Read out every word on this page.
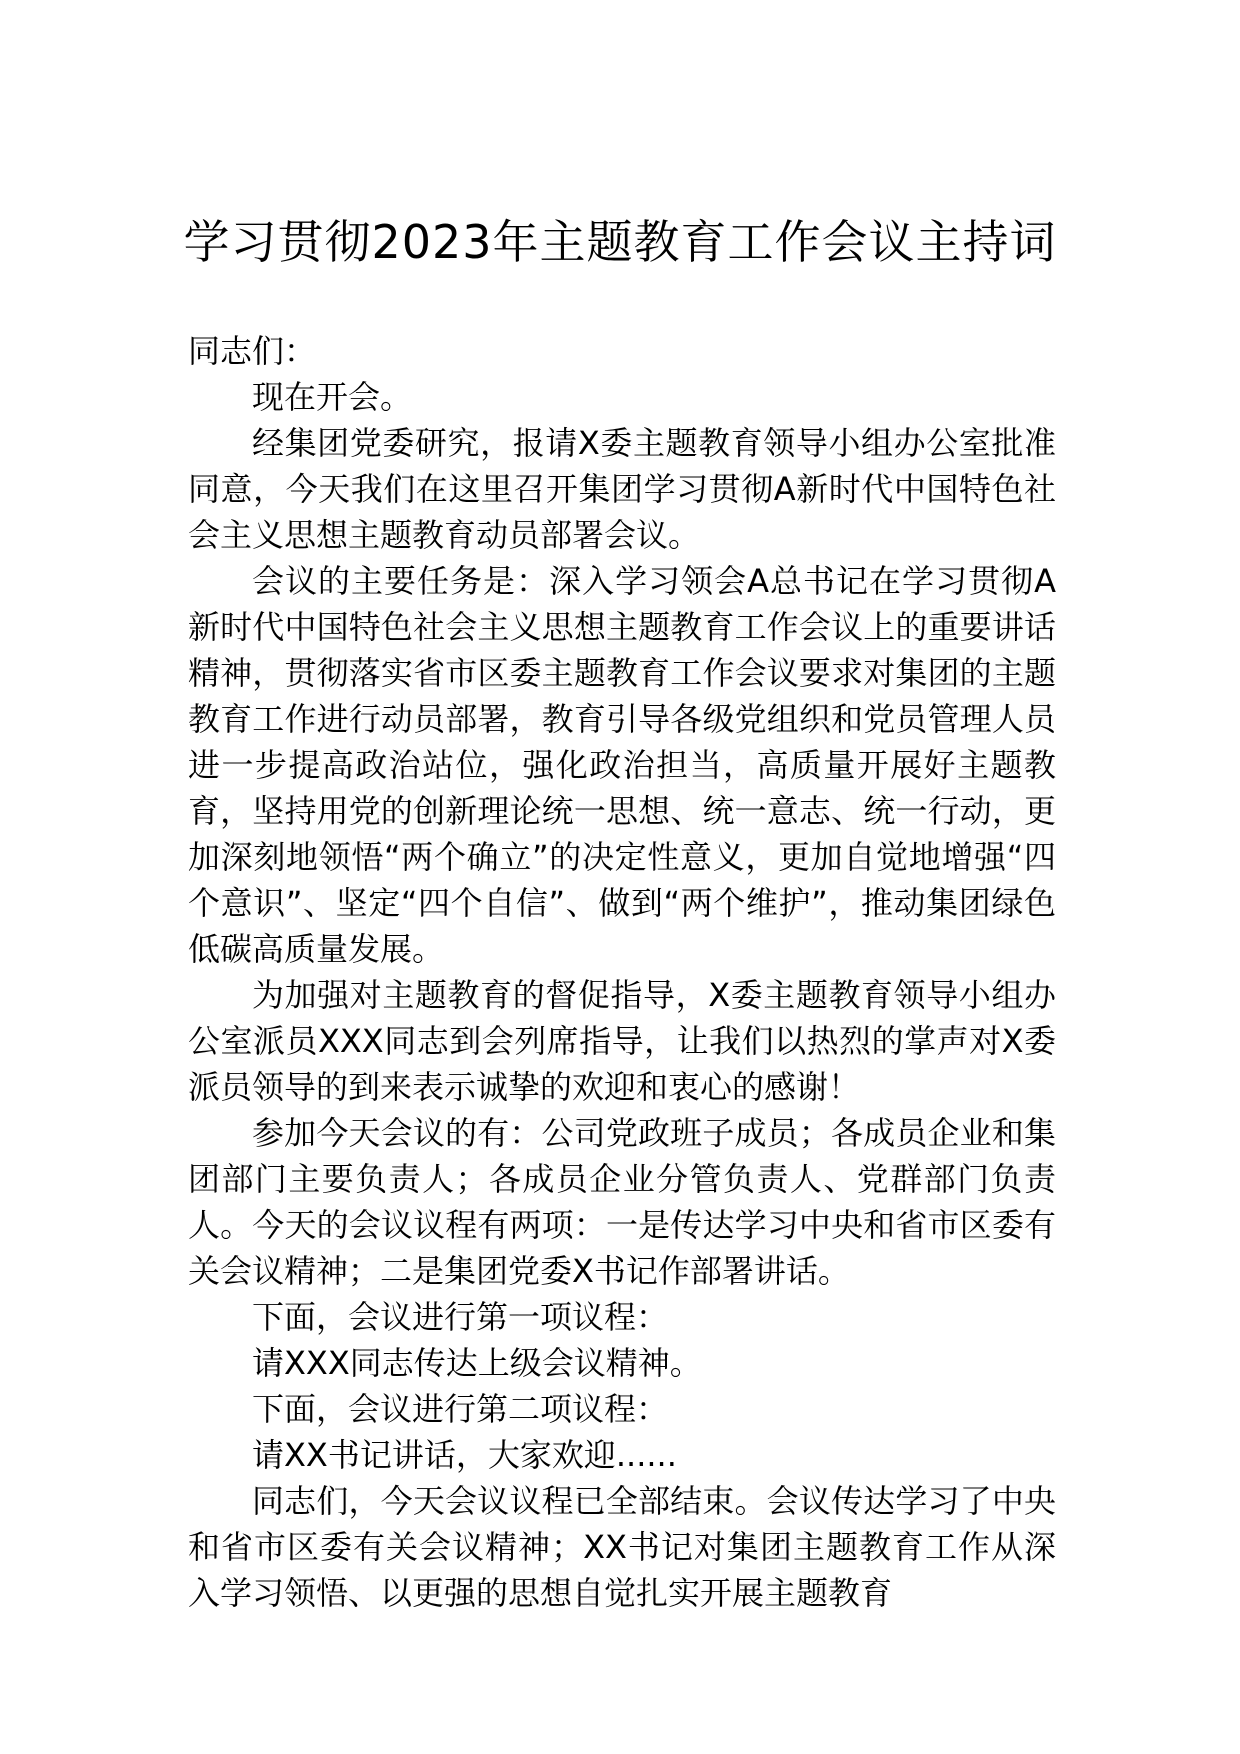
学习贯彻2023年主题教育工作会议主持词

同志们：

现在开会。

经集团党委研究，报请X委主题教育领导小组办公室批准同意，今天我们在这里召开集团学习贯彻A新时代中国特色社会主义思想主题教育动员部署会议。

会议的主要任务是：深入学习领会A总书记在学习贯彻A新时代中国特色社会主义思想主题教育工作会议上的重要讲话精神，贯彻落实省市区委主题教育工作会议要求对集团的主题教育工作进行动员部署，教育引导各级党组织和党员管理人员进一步提高政治站位，强化政治担当，高质量开展好主题教育，坚持用党的创新理论统一思想、统一意志、统一行动，更加深刻地领悟“两个确立”的决定性意义，更加自觉地增强“四个意识”、坚定“四个自信”、做到“两个维护”，推动集团绿色低碳高质量发展。

为加强对主题教育的督促指导，X委主题教育领导小组办公室派员XXX同志到会列席指导，让我们以热烈的掌声对X委派员领导的到来表示诚挚的欢迎和衷心的感谢！

参加今天会议的有：公司党政班子成员；各成员企业和集团部门主要负责人；各成员企业分管负责人、党群部门负责人。今天的会议议程有两项：一是传达学习中央和省市区委有关会议精神；二是集团党委X书记作部署讲话。

下面，会议进行第一项议程：

请XXX同志传达上级会议精神。

下面，会议进行第二项议程：

请XX书记讲话，大家欢迎......

同志们，今天会议议程已全部结束。会议传达学习了中央和省市区委有关会议精神；XX书记对集团主题教育工作从深入学习领悟、以更强的思想自觉扎实开展主题教育
